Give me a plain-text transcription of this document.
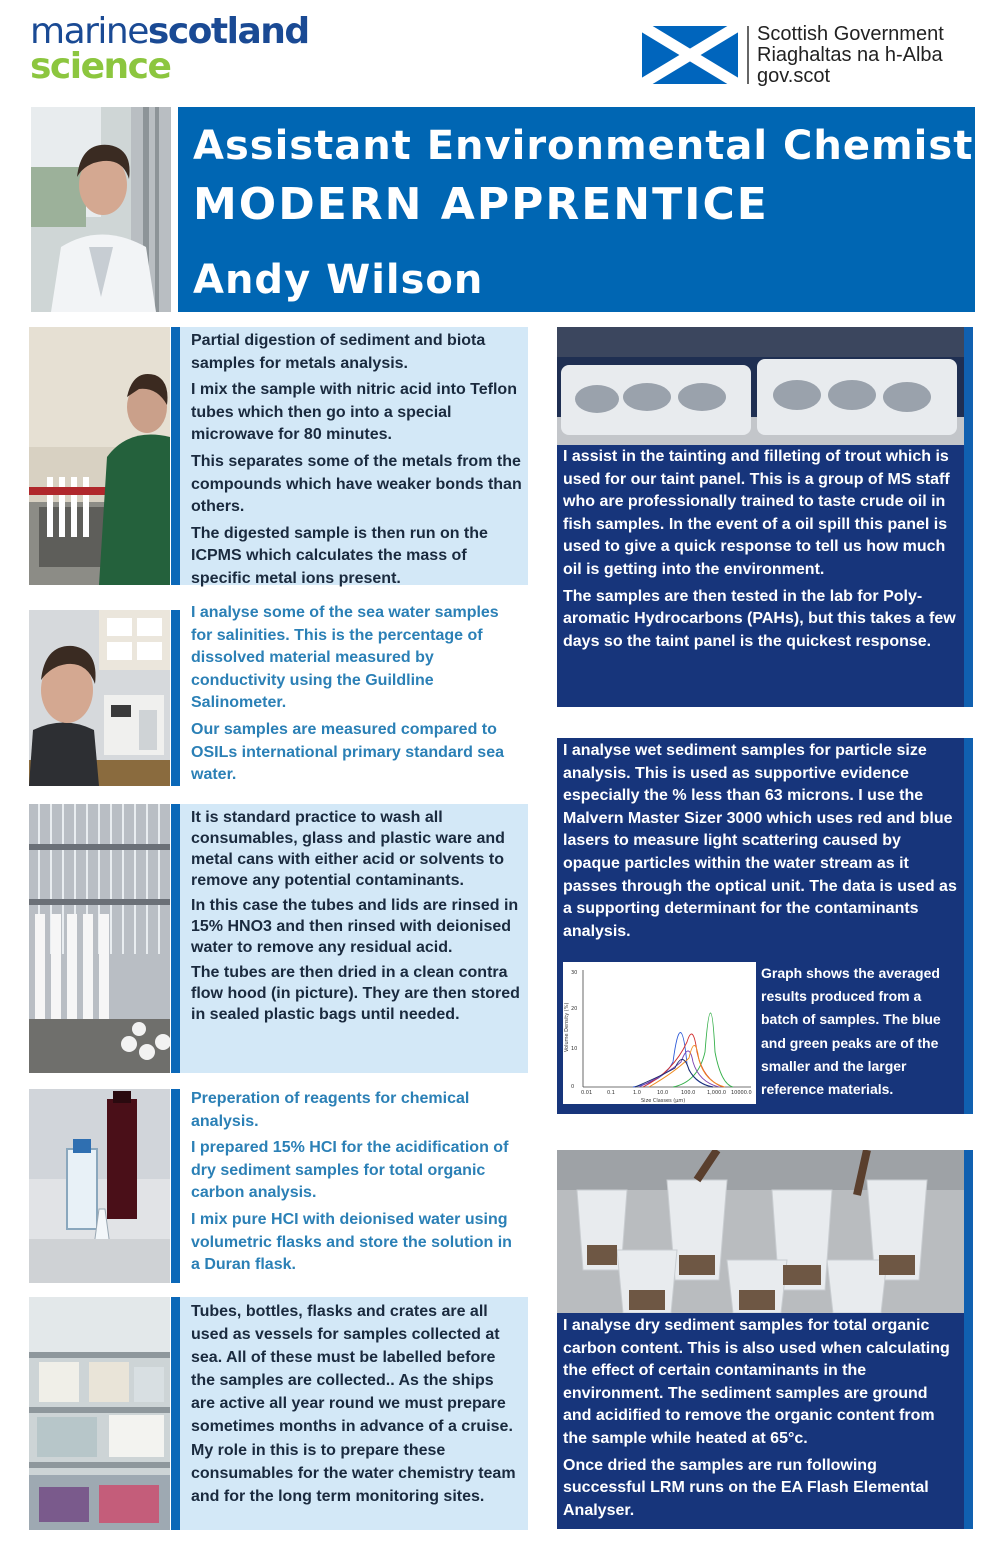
marinescotland
science
Scottish Government
Riaghaltas na h-Alba
gov.scot
Assistant Environmental Chemist
MODERN APPRENTICE
Andy Wilson

Partial digestion of sediment and biota samples for metals analysis.

I mix the sample with nitric acid into Teflon tubes which then go into a special microwave for 80 minutes.

This separates some of the metals from the compounds which have weaker bonds than others.

The digested sample is then run on the ICPMS which calculates the mass of specific metal ions present.

I analyse some of the sea water samples for salinities. This is the percentage of dissolved material measured by conductivity using the Guildline Salinometer.

Our samples are measured compared to OSILs international primary standard sea water.

It is standard practice to wash all consumables, glass and plastic ware and metal cans with either acid or solvents to remove any potential contaminants.

In this case the tubes and lids are rinsed in 15% HNO3 and then rinsed with deionised water to remove any residual acid.

The tubes are then dried in a clean contra flow hood (in picture). They are then stored in sealed plastic bags until needed.

Preperation of reagents for chemical analysis.

I prepared 15% HCI for the acidification of dry sediment samples for total organic carbon analysis.

I mix pure HCI with deionised water using volumetric flasks and store the solution in a Duran flask.

Tubes, bottles, flasks and crates are all used as vessels for samples collected at sea. All of these must be labelled before the samples are collected.. As the ships are active all year round we must prepare sometimes months in advance of a cruise. My role in this is to prepare these consumables for the water chemistry team and for the long term monitoring sites.

I assist in the tainting and filleting of trout which is used for our taint panel. This is a group of MS staff who are professionally trained to taste crude oil in fish samples. In the event of a oil spill this panel is used to give a quick response to tell us how much oil is getting into the environment.

The samples are then tested in the lab for Poly-aromatic Hydrocarbons (PAHs), but this takes a few days so the taint panel is the quickest response.

I analyse wet sediment samples for particle size analysis. This is used as supportive evidence especially the % less than 63 microns. I use the Malvern Master Sizer 3000 which uses red and blue lasers to measure light scattering caused by opaque particles within the water stream as it passes through the optical unit. The data is used as a supporting determinant for the contaminants analysis.

0
10
20
30
0.01	0.1	1.0	10.0	100.0 1,000.0 10000.0
Size Classes (μm)
Volume Density (%)
Graph shows the averaged results produced from a batch of samples. The blue and green peaks are of the smaller and the larger reference materials.

I analyse dry sediment samples for total organic carbon content. This is also used when calculating the effect of certain contaminants in the environment. The sediment samples are ground and acidified to remove the organic content from the sample while heated at 65°c.

Once dried the samples are run following successful LRM runs on the EA Flash Elemental Analyser.
